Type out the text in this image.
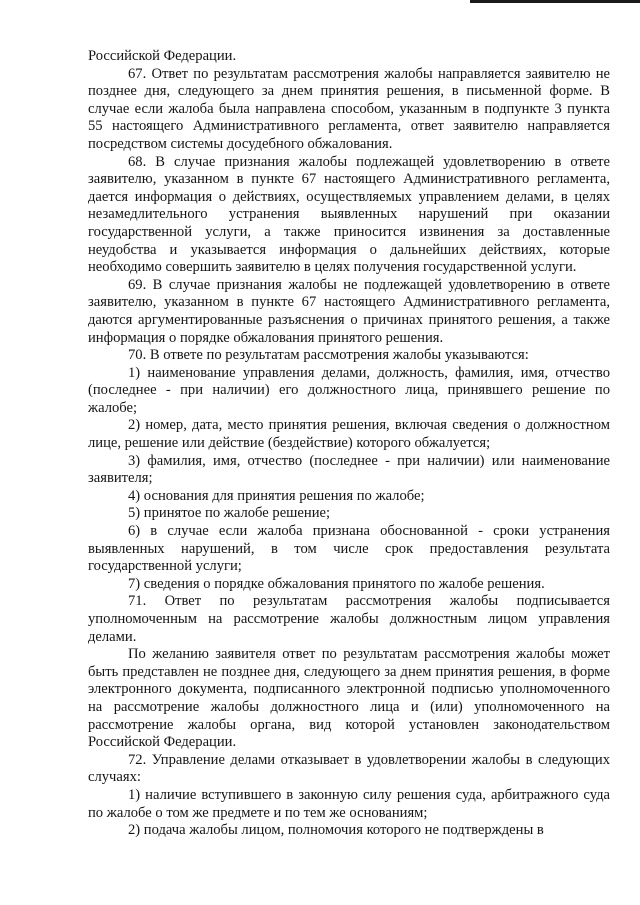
Российской Федерации.

67. Ответ по результатам рассмотрения жалобы направляется заявителю не позднее дня, следующего за днем принятия решения, в письменной форме. В случае если жалоба была направлена способом, указанным в подпункте 3 пункта 55 настоящего Административного регламента, ответ заявителю направляется посредством системы досудебного обжалования.

68. В случае признания жалобы подлежащей удовлетворению в ответе заявителю, указанном в пункте 67 настоящего Административного регламента, дается информация о действиях, осуществляемых управлением делами, в целях незамедлительного устранения выявленных нарушений при оказании государственной услуги, а также приносится извинения за доставленные неудобства и указывается информация о дальнейших действиях, которые необходимо совершить заявителю в целях получения государственной услуги.

69. В случае признания жалобы не подлежащей удовлетворению в ответе заявителю, указанном в пункте 67 настоящего Административного регламента, даются аргументированные разъяснения о причинах принятого решения, а также информация о порядке обжалования принятого решения.

70. В ответе по результатам рассмотрения жалобы указываются:

1) наименование управления делами, должность, фамилия, имя, отчество (последнее - при наличии) его должностного лица, принявшего решение по жалобе;

2) номер, дата, место принятия решения, включая сведения о должностном лице, решение или действие (бездействие) которого обжалуется;

3) фамилия, имя, отчество (последнее - при наличии) или наименование заявителя;

4) основания для принятия решения по жалобе;

5) принятое по жалобе решение;

6) в случае если жалоба признана обоснованной - сроки устранения выявленных нарушений, в том числе срок предоставления результата государственной услуги;

7) сведения о порядке обжалования принятого по жалобе решения.

71. Ответ по результатам рассмотрения жалобы подписывается уполномоченным на рассмотрение жалобы должностным лицом управления делами.

По желанию заявителя ответ по результатам рассмотрения жалобы может быть представлен не позднее дня, следующего за днем принятия решения, в форме электронного документа, подписанного электронной подписью уполномоченного на рассмотрение жалобы должностного лица и (или) уполномоченного на рассмотрение жалобы органа, вид которой установлен законодательством Российской Федерации.

72. Управление делами отказывает в удовлетворении жалобы в следующих случаях:

1) наличие вступившего в законную силу решения суда, арбитражного суда по жалобе о том же предмете и по тем же основаниям;

2) подача жалобы лицом, полномочия которого не подтверждены в
